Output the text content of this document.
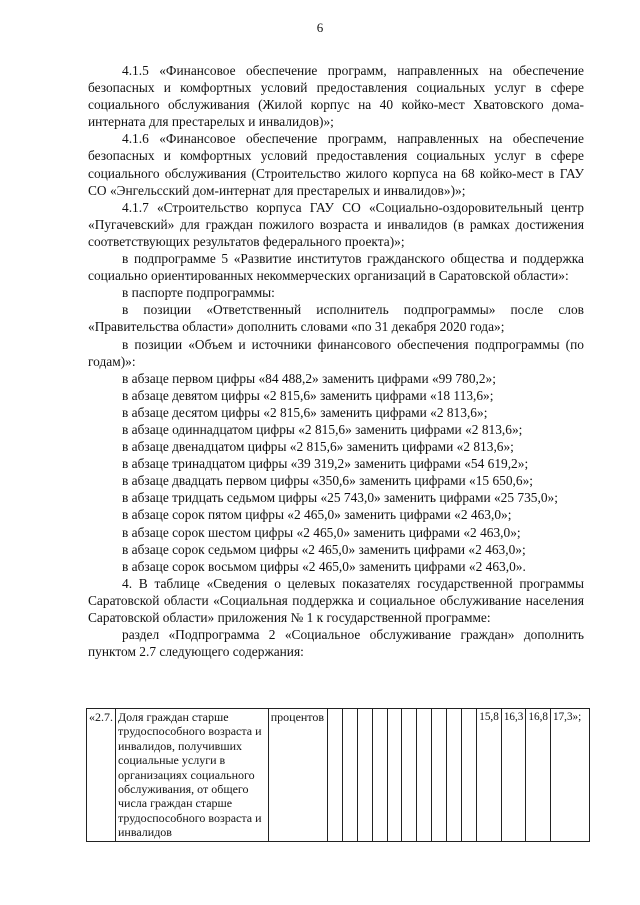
6

4.1.5 «Финансовое обеспечение программ, направленных на обеспечение безопасных и комфортных условий предоставления социальных услуг в сфере социального обслуживания (Жилой корпус на 40 койко-мест Хватовского дома-интерната для престарелых и инвалидов)»;

4.1.6 «Финансовое обеспечение программ, направленных на обеспечение безопасных и комфортных условий предоставления социальных услуг в сфере социального обслуживания (Строительство жилого корпуса на 68 койко-мест в ГАУ СО «Энгельсский дом-интернат для престарелых и инвалидов»)»;

4.1.7 «Строительство корпуса ГАУ СО «Социально-оздоровительный центр «Пугачевский» для граждан пожилого возраста и инвалидов (в рамках достижения соответствующих результатов федерального проекта)»;

в подпрограмме 5 «Развитие институтов гражданского общества и поддержка социально ориентированных некоммерческих организаций в Саратовской области»:

в паспорте подпрограммы:

в позиции «Ответственный исполнитель подпрограммы» после слов «Правительства области» дополнить словами «по 31 декабря 2020 года»;

в позиции «Объем и источники финансового обеспечения подпрограммы (по годам)»:

в абзаце первом цифры «84 488,2» заменить цифрами «99 780,2»;

в абзаце девятом цифры «2 815,6» заменить цифрами «18 113,6»;

в абзаце десятом цифры «2 815,6» заменить цифрами «2 813,6»;

в абзаце одиннадцатом цифры «2 815,6» заменить цифрами «2 813,6»;

в абзаце двенадцатом цифры «2 815,6» заменить цифрами «2 813,6»;

в абзаце тринадцатом цифры «39 319,2» заменить цифрами «54 619,2»;

в абзаце двадцать первом цифры «350,6» заменить цифрами «15 650,6»;

в абзаце тридцать седьмом цифры «25 743,0» заменить цифрами «25 735,0»;

в абзаце сорок пятом цифры «2 465,0» заменить цифрами «2 463,0»;

в абзаце сорок шестом цифры «2 465,0» заменить цифрами «2 463,0»;

в абзаце сорок седьмом цифры «2 465,0» заменить цифрами «2 463,0»;

в абзаце сорок восьмом цифры «2 465,0» заменить цифрами «2 463,0».

4. В таблице «Сведения о целевых показателях государственной программы Саратовской области «Социальная поддержка и социальное обслуживание населения Саратовской области» приложения № 1 к государственной программе:

раздел «Подпрограмма 2 «Социальное обслуживание граждан» дополнить пунктом 2.7 следующего содержания:

«2.7.	Доля граждан старше трудоспособного возраста и инвалидов, получивших социальные услуги в организациях социального обслуживания, от общего числа граждан старше трудоспособного возраста и инвалидов	процентов											15,8	16,3	16,8	17,3»;
